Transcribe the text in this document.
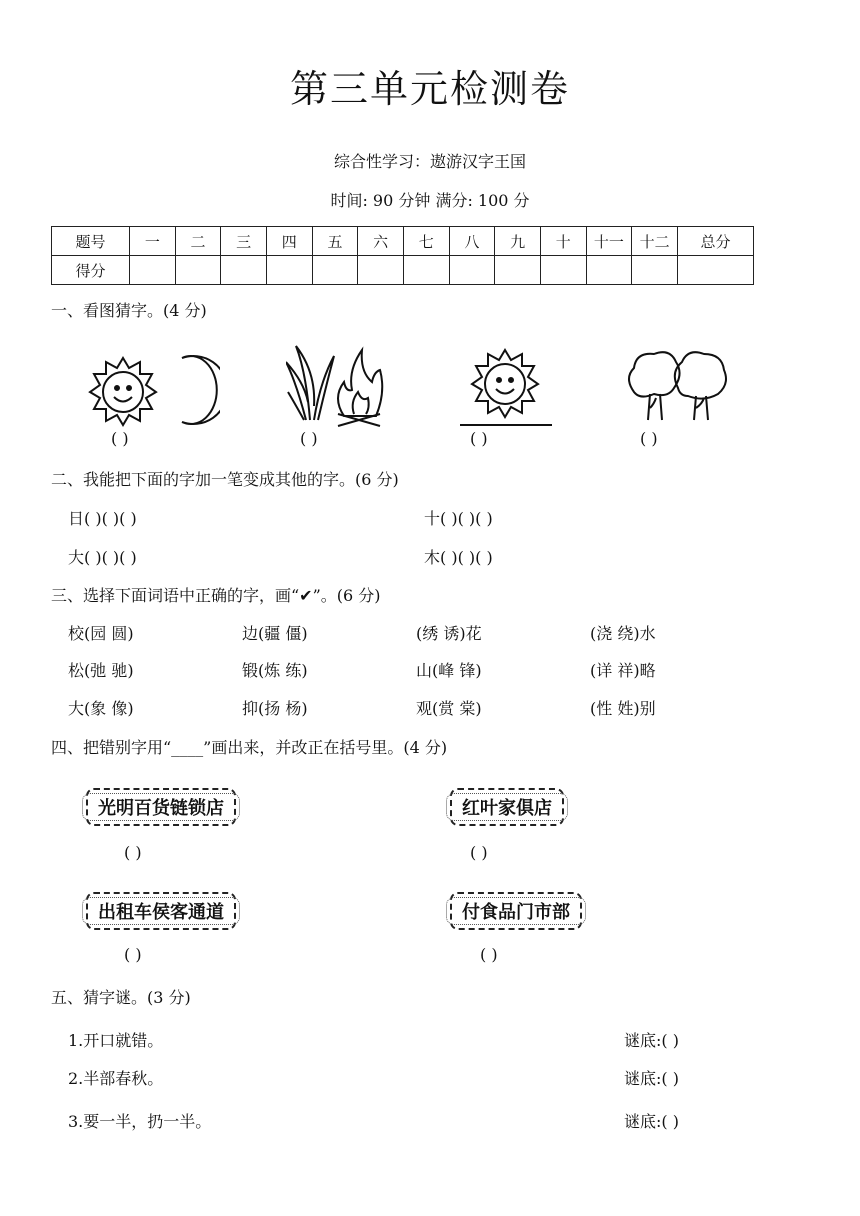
第三单元检测卷
综合性学习：遨游汉字王国
时间: 90 分钟 满分: 100 分
题号	一	二	三	四	五	六	七	八	九	十	十一	十二	总分
得分													
一、看图猜字。(4 分)
( )	( )	( )	( )
二、我能把下面的字加一笔变成其他的字。(6 分)
日( )( )( )	十( )( )( )
大( )( )( )	木( )( )( )
三、选择下面词语中正确的字，画“✔”。(6 分)
校(园 圆)	边(疆 僵)	(绣 诱)花	(浇 绕)水
松(弛 驰)	锻(炼 练)	山(峰 锋)	(详 祥)略
大(象 像)	抑(扬 杨)	观(赏 棠)	(性 姓)别
四、把错别字用“____”画出来，并改正在括号里。(4 分)
光明百货链锁店	红叶家俱店
( )	( )
出租车侯客通道	付食品门市部
( )	( )
五、猜字谜。(3 分)
1.开口就错。	谜底:( )
2.半部春秋。	谜底:( )
3.要一半，扔一半。	谜底:( )
